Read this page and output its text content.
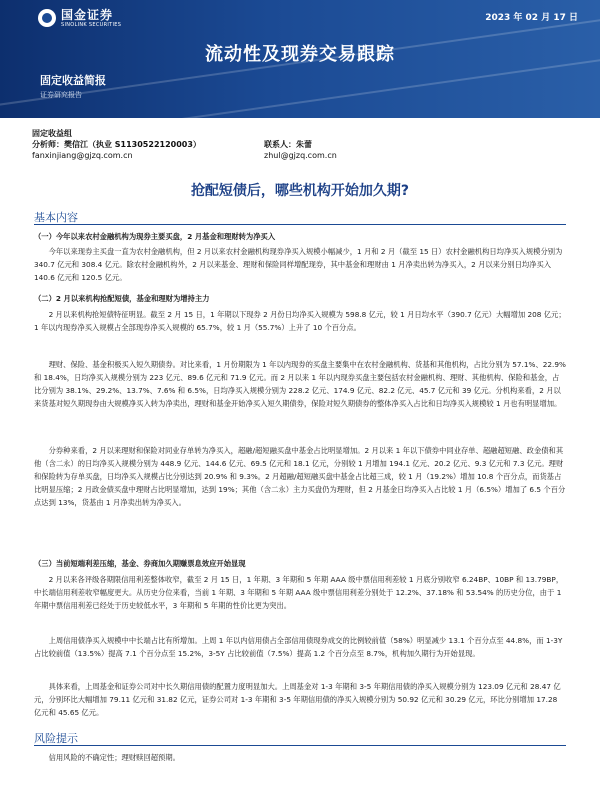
国金证券
SINOLINK SECURITIES
2023 年 02 月 17 日
流动性及现券交易跟踪
固定收益简报
证券研究报告
固定收益组
分析师：樊信江（执业 S1130522120003）	联系人：朱蕾
fanxinjiang@gjzq.com.cn	zhul@gjzq.com.cn
抢配短债后，哪些机构开始加久期?
基本内容
（一）今年以来农村金融机构为现券主要买盘，2 月基金和理财转为净买入
今年以来现券主买盘一直为农村金融机构，但 2 月以来农村金融机构现券净买入规模小幅减少，1 月和 2 月（截至 15 日）农村金融机构日均净买入规模分别为 340.7 亿元和 308.4 亿元。除农村金融机构外，2 月以来基金、理财和保险同样增配现券，其中基金和理财由 1 月净卖出转为净买入，2 月以来分别日均净买入 140.6 亿元和 120.5 亿元。
（二）2 月以来机构抢配短债，基金和理财为增持主力
2 月以来机构抢短债特征明显。截至 2 月 15 日，1 年期以下现券 2 月份日均净买入规模为 598.8 亿元，较 1 月日均水平（390.7 亿元）大幅增加 208 亿元；1 年以内现券净买入规模占全部现券净买入规模的 65.7%，较 1 月（55.7%）上升了 10 个百分点。
理财、保险、基金积极买入短久期债券。对比来看，1 月份期限为 1 年以内现券的买盘主要集中在农村金融机构、货基和其他机构，占比分别为 57.1%、22.9% 和 18.4%，日均净买入规模分别为 223 亿元、89.6 亿元和 71.9 亿元。而 2 月以来 1 年以内现券买盘主要包括农村金融机构、理财、其他机构、保险和基金，占比分别为 38.1%、29.2%、13.7%、7.6% 和 6.5%，日均净买入规模分别为 228.2 亿元、174.9 亿元、82.2 亿元、45.7 亿元和 39 亿元。分机构来看，2 月以来货基对短久期现券由大规模净买入转为净卖出，理财和基金开始净买入短久期债券，保险对短久期债券的整体净买入占比和日均净买入规模较 1 月也有明显增加。
分券种来看，2 月以来理财和保险对同业存单转为净买入，超融/超短融买盘中基金占比明显增加。2 月以来 1 年以下债券中同业存单、超融超短融、政金债和其他（含二永）的日均净买入规模分别为 448.9 亿元、144.6 亿元、69.5 亿元和 18.1 亿元，分别较 1 月增加 194.1 亿元、20.2 亿元、9.3 亿元和 7.3 亿元。理财和保险转为存单买盘，日均净买入规模占比分别达到 20.9% 和 9.3%。2 月超融/超短融买盘中基金占比超三成，较 1 月（19.2%）增加 10.8 个百分点，而货基占比明显压缩；2 月政金债买盘中理财占比明显增加，达到 19%；其他（含二永）主力买盘仍为理财，但 2 月基金日均净买入占比较 1 月（6.5%）增加了 6.5 个百分点达到 13%，货基由 1 月净卖出转为净买入。
（三）当前短端利差压缩，基金、券商加久期赚票息效应开始显现
2 月以来各评级各期限信用利差整体收窄，截至 2 月 15 日，1 年期、3 年期和 5 年期 AAA 级中票信用利差较 1 月底分别收窄 6.24BP、10BP 和 13.79BP，中长端信用利差收窄幅度更大。从历史分位来看，当前 1 年期、3 年期和 5 年期 AAA 级中票信用利差分别处于 12.2%、37.18% 和 53.54% 的历史分位，由于 1 年期中票信用利差已经处于历史较低水平，3 年期和 5 年期的性价比更为突出。
上周信用债净买入规模中中长端占比有所增加。上周 1 年以内信用债占全部信用债现券成交的比例较前值（58%）明显减少 13.1 个百分点至 44.8%，而 1-3Y 占比较前值（13.5%）提高 7.1 个百分点至 15.2%，3-5Y 占比较前值（7.5%）提高 1.2 个百分点至 8.7%，机构加久期行为开始显现。
具体来看，上周基金和证券公司对中长久期信用债的配置力度明显加大。上周基金对 1-3 年期和 3-5 年期信用债的净买入规模分别为 123.09 亿元和 28.47 亿元，分别环比大幅增加 79.11 亿元和 31.82 亿元，证券公司对 1-3 年期和 3-5 年期信用债的净买入规模分别为 50.92 亿元和 30.29 亿元，环比分别增加 17.28 亿元和 45.65 亿元。
风险提示
信用风险的不确定性；理财赎回超预期。
